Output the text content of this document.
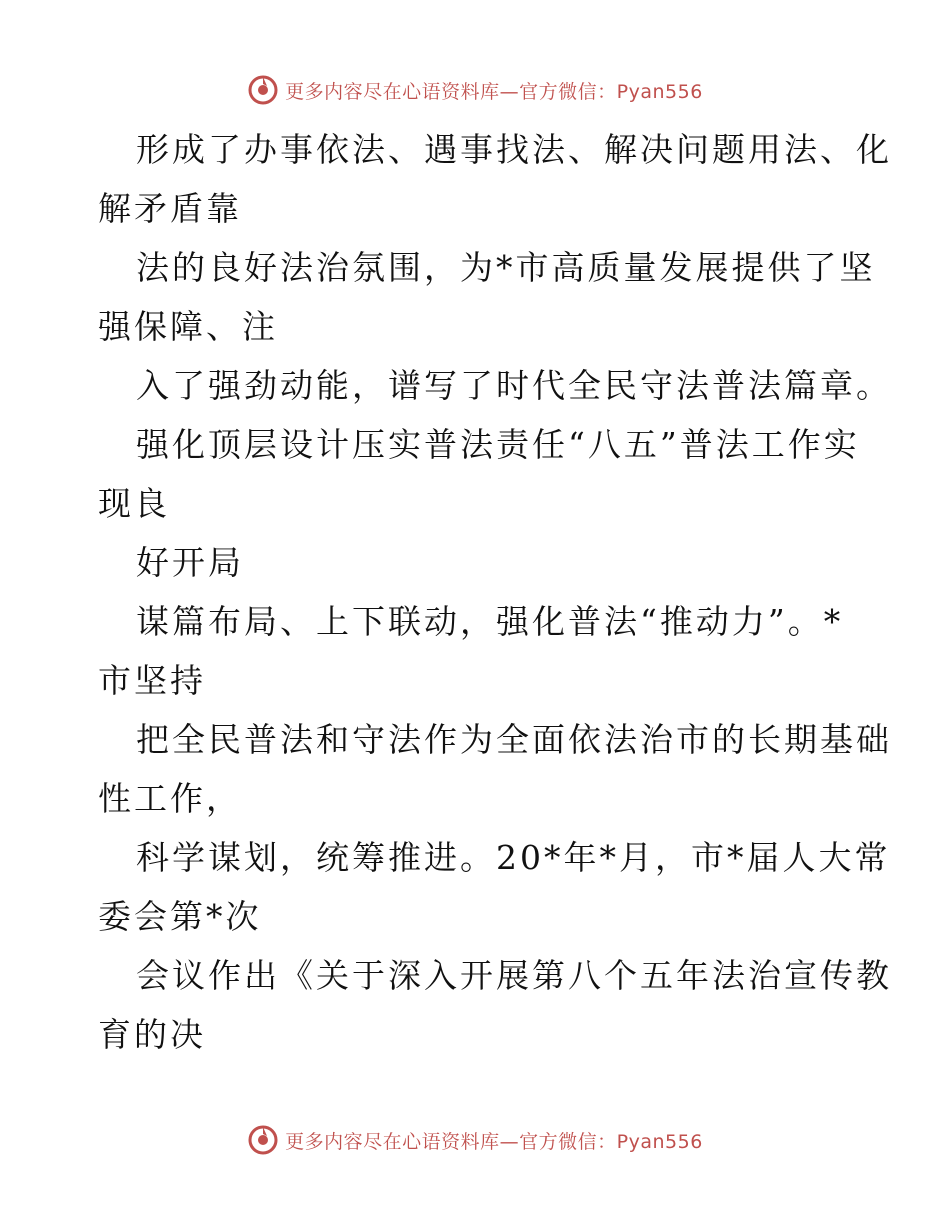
更多内容尽在心语资料库—官方微信：Pyan556
形成了办事依法、遇事找法、解决问题用法、化
解矛盾靠
法的良好法治氛围，为*市高质量发展提供了坚
强保障、注
入了强劲动能，谱写了时代全民守法普法篇章。
强化顶层设计压实普法责任“八五”普法工作实
现良
好开局
谋篇布局、上下联动，强化普法“推动力”。*
市坚持
把全民普法和守法作为全面依法治市的长期基础
性工作，
科学谋划，统筹推进。20*年*月，市*届人大常
委会第*次
会议作出《关于深入开展第八个五年法治宣传教
育的决
更多内容尽在心语资料库—官方微信：Pyan556
